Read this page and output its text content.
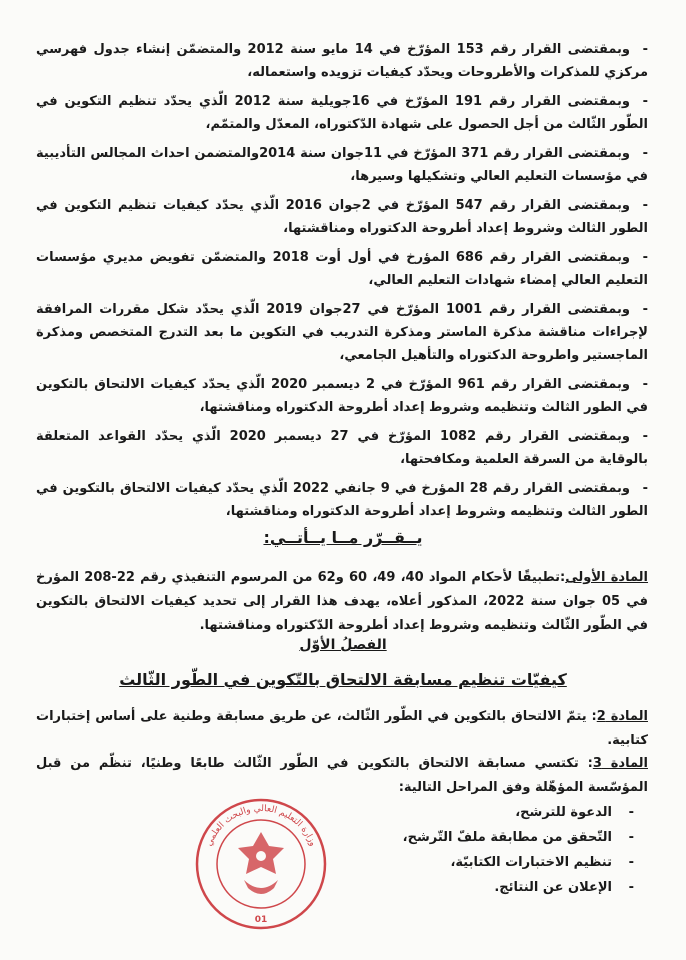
-وبمقتضى القرار رقم 153 المؤرّخ في 14 مايو سنة 2012 والمتضمّن إنشاء جدول فهرسي مركزي للمذكرات والأطروحات ويحدّد كيفيات تزويده واستعماله،

-وبمقتضى القرار رقم 191 المؤرّخ في 16جويلية سنة 2012 الّذي يحدّد تنظيم التكوين في الطّور الثّالث من أجل الحصول على شهادة الدّكتوراه، المعدّل والمتمّم،

-وبمقتضى القرار رقم 371 المؤرّخ في 11جوان سنة 2014والمتضمن احداث المجالس التأديبية في مؤسسات التعليم العالي وتشكيلها وسيرها،

-وبمقتضى القرار رقم 547 المؤرّخ في 2جوان 2016 الّذي يحدّد كيفيات تنظيم التكوين في الطور الثالث وشروط إعداد أطروحة الدكتوراه ومناقشتها،

-وبمقتضى القرار رقم 686 المؤرخ في أول أوت 2018 والمتضمّن تفويض مديري مؤسسات التعليم العالي إمضاء شهادات التعليم العالي،

-وبمقتضى القرار رقم 1001 المؤرّخ في 27جوان 2019 الّذي يحدّد شكل مقررات المرافقة لإجراءات مناقشة مذكرة الماستر ومذكرة التدريب في التكوين ما بعد التدرج المتخصص ومذكرة الماجستير واطروحة الدكتوراه والتأهيل الجامعي،

-وبمقتضى القرار رقم 961 المؤرّخ في 2 ديسمبر 2020 الّذي يحدّد كيفيات الالتحاق بالتكوين في الطور الثالث وتنظيمه وشروط إعداد أطروحة الدكتوراه ومناقشتها،

-وبمقتضى القرار رقم 1082 المؤرّخ في 27 ديسمبر 2020 الّذي يحدّد القواعد المتعلقة بالوقاية من السرقة العلمية ومكافحتها،

-وبمقتضى القرار رقم 28 المؤرخ في 9 جانفي 2022 الّذي يحدّد كيفيات الالتحاق بالتكوين في الطور الثالث وتنظيمه وشروط إعداد أطروحة الدكتوراه ومناقشتها،

يــقــرّر مــا يــأتــي:
المادة الأولى:تطبيقًا لأحكام المواد 40، 49، 60 و62 من المرسوم التنفيذي رقم 22-208 المؤرخ في 05 جوان سنة 2022، المذكور أعلاه، يهدف هذا القرار إلى تحديد كيفيات الالتحاق بالتكوين في الطّور الثّالث وتنظيمه وشروط إعداد أطروحة الدّكتوراه ومناقشتها.
الفصلُ الأوّل
كيفيّات تنظيم مسابقة الالتحاق بالتّكوين في الطّور الثّالث
المادة 2: يتمّ الالتحاق بالتكوين في الطّور الثّالث، عن طريق مسابقة وطنية على أساس إختبارات كتابية.
المادة 3: تكتسي مسابقة الالتحاق بالتكوين في الطّور الثّالث طابعًا وطنيًا، تنظّم من قبل المؤسّسة المؤهّلة وفق المراحل التالية:
-الدعوة للترشح،
-التّحقق من مطابقة ملفّ التّرشح،
-تنظيم الاختبارات الكتابيّة،
-الإعلان عن النتائج.
وزارة التعليم العالي والبحث العلمي
01
